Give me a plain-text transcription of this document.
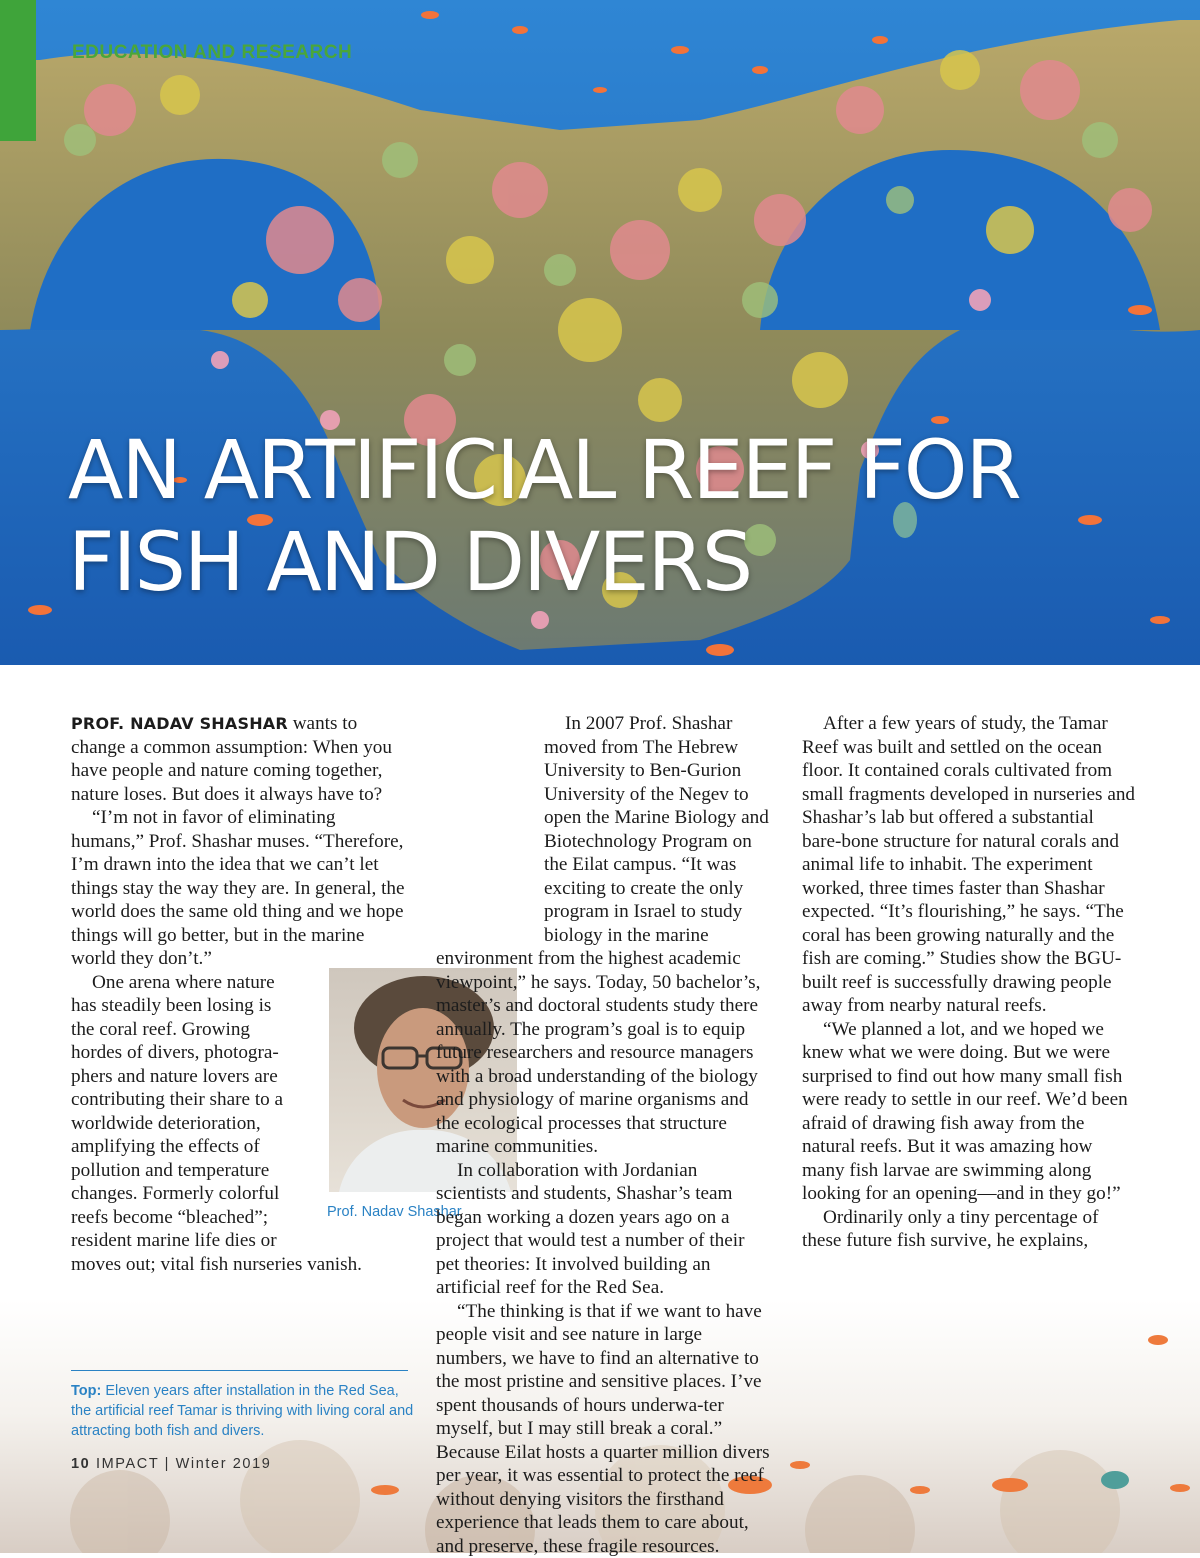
EDUCATION AND RESEARCH
AN ARTIFICIAL REEF FOR
FISH AND DIVERS

PROF. NADAV SHASHAR wants to change a common assumption: When you have people and nature coming together, nature loses. But does it always have to?

“I’m not in favor of eliminating humans,” Prof. Shashar muses. “Therefore, I’m drawn into the idea that we can’t let things stay the way they are. In general, the world does the same old thing and we hope things will go better, but in the marine world they don’t.”

One arena where nature has steadily been losing is the coral reef. Growing hordes of divers, photogra-phers and nature lovers are contributing their share to a worldwide deterioration, amplifying the effects of pollution and temperature changes. Formerly colorful reefs become “bleached”; resident marine life dies or moves out; vital fish nurseries vanish.

Prof. Nadav Shashar

In 2007 Prof. Shashar moved from The Hebrew University to Ben-Gurion University of the Negev to open the Marine Biology and Biotechnology Program on the Eilat campus. “It was exciting to create the only program in Israel to study biology in the marine environment from the highest academic viewpoint,” he says. Today, 50 bachelor’s, master’s and doctoral students study there annually. The program’s goal is to equip future researchers and resource managers with a broad understanding of the biology and physiology of marine organisms and the ecological processes that structure marine communities.

In collaboration with Jordanian scientists and students, Shashar’s team began working a dozen years ago on a project that would test a number of their pet theories: It involved building an artificial reef for the Red Sea.

“The thinking is that if we want to have people visit and see nature in large numbers, we have to find an alternative to the most pristine and sensitive places. I’ve spent thousands of hours underwa-ter myself, but I may still break a coral.” Because Eilat hosts a quarter million divers per year, it was essential to protect the reef without denying visitors the firsthand experience that leads them to care about, and preserve, these fragile resources.

After a few years of study, the Tamar Reef was built and settled on the ocean floor. It contained corals cultivated from small fragments developed in nurseries and Shashar’s lab but offered a substantial bare-bone structure for natural corals and animal life to inhabit. The experiment worked, three times faster than Shashar expected. “It’s flourishing,” he says. “The coral has been growing naturally and the fish are coming.” Studies show the BGU-built reef is successfully drawing people away from nearby natural reefs.

“We planned a lot, and we hoped we knew what we were doing. But we were surprised to find out how many small fish were ready to settle in our reef. We’d been afraid of drawing fish away from the natural reefs. But it was amazing how many fish larvae are swimming along looking for an opening—and in they go!”

Ordinarily only a tiny percentage of these future fish survive, he explains,

Top: Eleven years after installation in the Red Sea, the artificial reef Tamar is thriving with living coral and attracting both fish and divers.
10 IMPACT | Winter 2019
